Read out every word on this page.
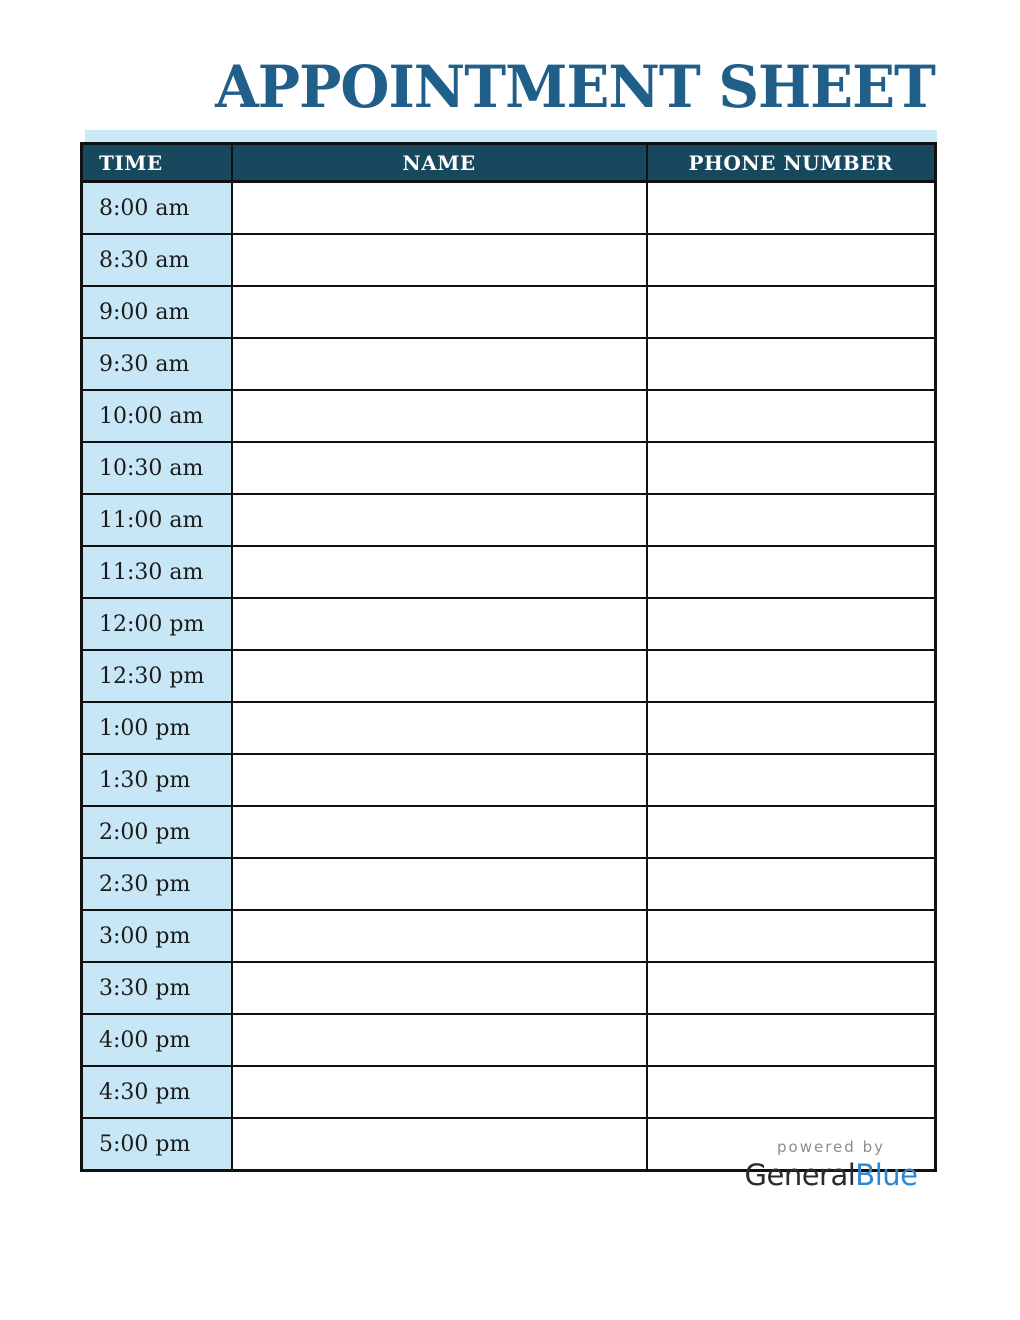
APPOINTMENT SHEET
TIME	NAME	PHONE NUMBER
8:00 am		
8:30 am		
9:00 am		
9:30 am		
10:00 am		
10:30 am		
11:00 am		
11:30 am		
12:00 pm		
12:30 pm		
1:00 pm		
1:30 pm		
2:00 pm		
2:30 pm		
3:00 pm		
3:30 pm		
4:00 pm		
4:30 pm		
5:00 pm			powered by
GeneralBlue
